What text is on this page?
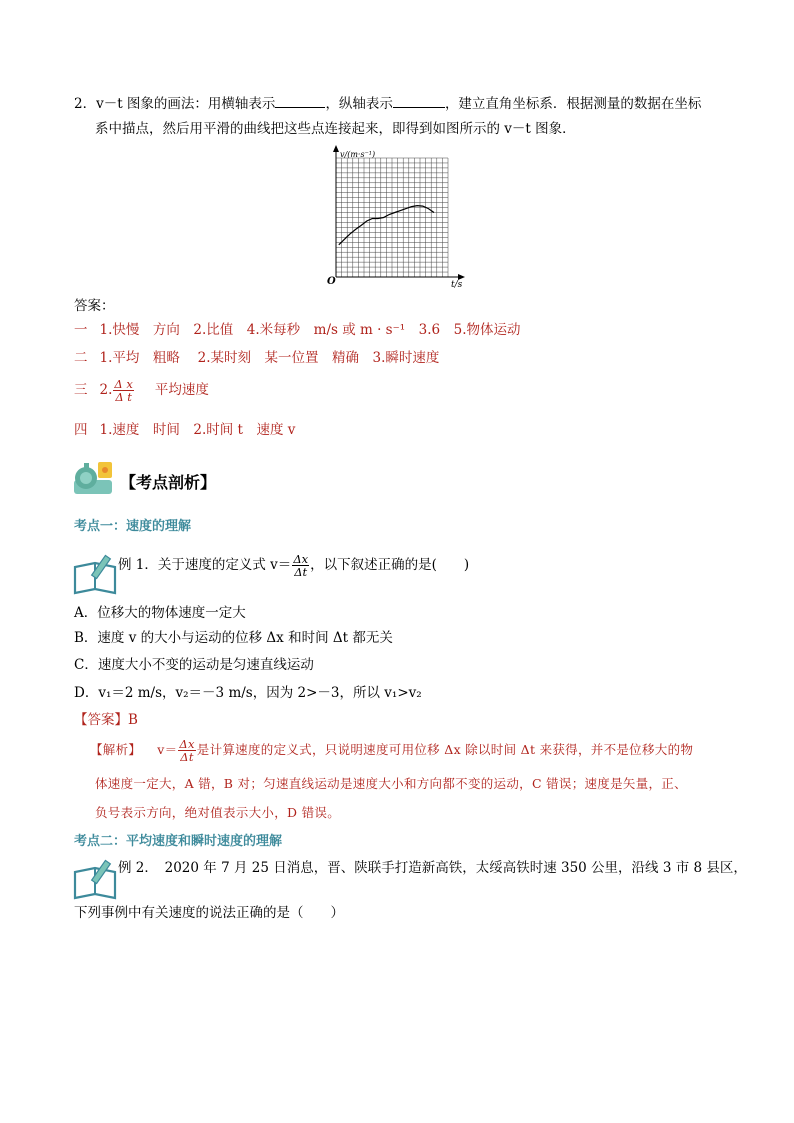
2．v－t 图象的画法：用横轴表示	，纵轴表示	，建立直角坐标系．根据测量的数据在坐标
系中描点，然后用平滑的曲线把这些点连接起来，即得到如图所示的 v－t 图象．
v/(m·s⁻¹)
t/s
O
答案：
一 1.快慢　方向　2.比值　4.米每秒　m/s 或 m · s⁻¹　3.6　5.物体运动
二 1.平均　粗略　 2.某时刻　某一位置　精确　3.瞬时速度
三 2. $\frac{\text{Δ x}}{\text{Δ t}}$ 平均速度
四 1.速度　时间　2.时间 t　速度 v
【考点剖析】
考点一：速度的理解
例 1．关于速度的定义式 $v= \frac{\Delta x}{\Delta t}$ ，以下叙述正确的是(　　)
A．位移大的物体速度一定大
B．速度 v 的大小与运动的位移 Δx 和时间 Δt 都无关
C．速度大小不变的运动是匀速直线运动
D．v₁＝2 m/s，v₂＝－3 m/s，因为 2>－3，所以 v₁>v₂
【答案】B
【解析】 $v= \frac{\Delta x}{\Delta t}$ 是计算速度的定义式，只说明速度可用位移 Δx 除以时间 Δt 来获得，并不是位移大的物
体速度一定大，A 错，B 对；匀速直线运动是速度大小和方向都不变的运动，C 错误；速度是矢量，正、
负号表示方向，绝对值表示大小，D 错误。
考点二：平均速度和瞬时速度的理解
例 2．　2020 年 7 月 25 日消息，晋、陕联手打造新高铁，太绥高铁时速 350 公里，沿线 3 市 8 县区，
下列事例中有关速度的说法正确的是（　　）
